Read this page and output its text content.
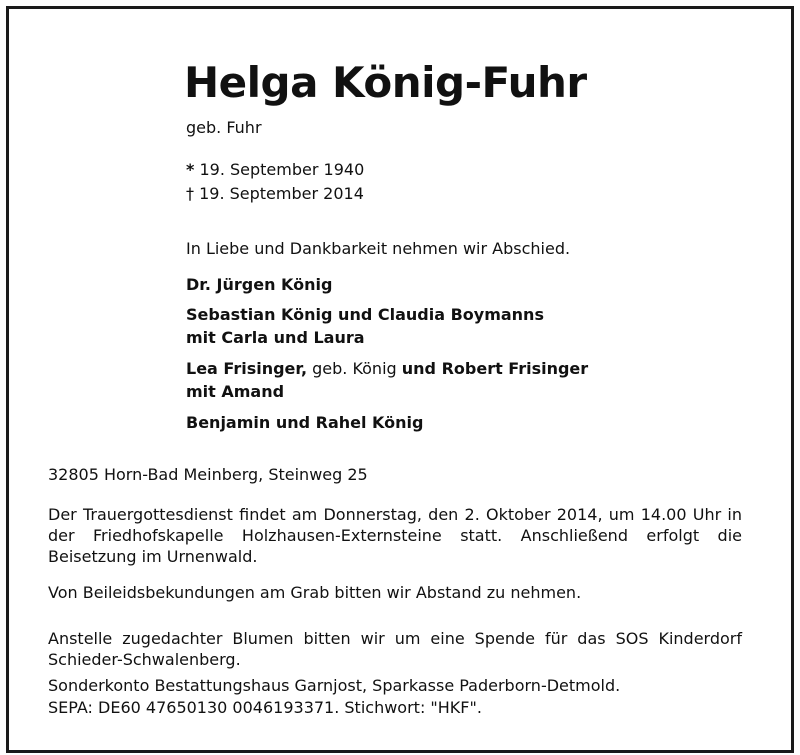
Helga König-Fuhr
geb. Fuhr
* 19. September 1940
† 19. September 2014
In Liebe und Dankbarkeit nehmen wir Abschied.
Dr. Jürgen König
Sebastian König und Claudia Boymanns
mit Carla und Laura
Lea Frisinger, geb. König und Robert Frisinger
mit Amand
Benjamin und Rahel König
32805 Horn-Bad Meinberg, Steinweg 25
Der Trauergottesdienst findet am Donnerstag, den 2. Oktober 2014, um 14.00 Uhr in der Friedhofskapelle Holzhausen-Externsteine statt. Anschließend erfolgt die Beisetzung im Urnenwald.
Von Beileidsbekundungen am Grab bitten wir Abstand zu nehmen.
Anstelle zugedachter Blumen bitten wir um eine Spende für das SOS Kinderdorf Schieder-Schwalenberg.
Sonderkonto Bestattungshaus Garnjost, Sparkasse Paderborn-Detmold.
SEPA: DE60 47650130 0046193371. Stichwort: "HKF".
